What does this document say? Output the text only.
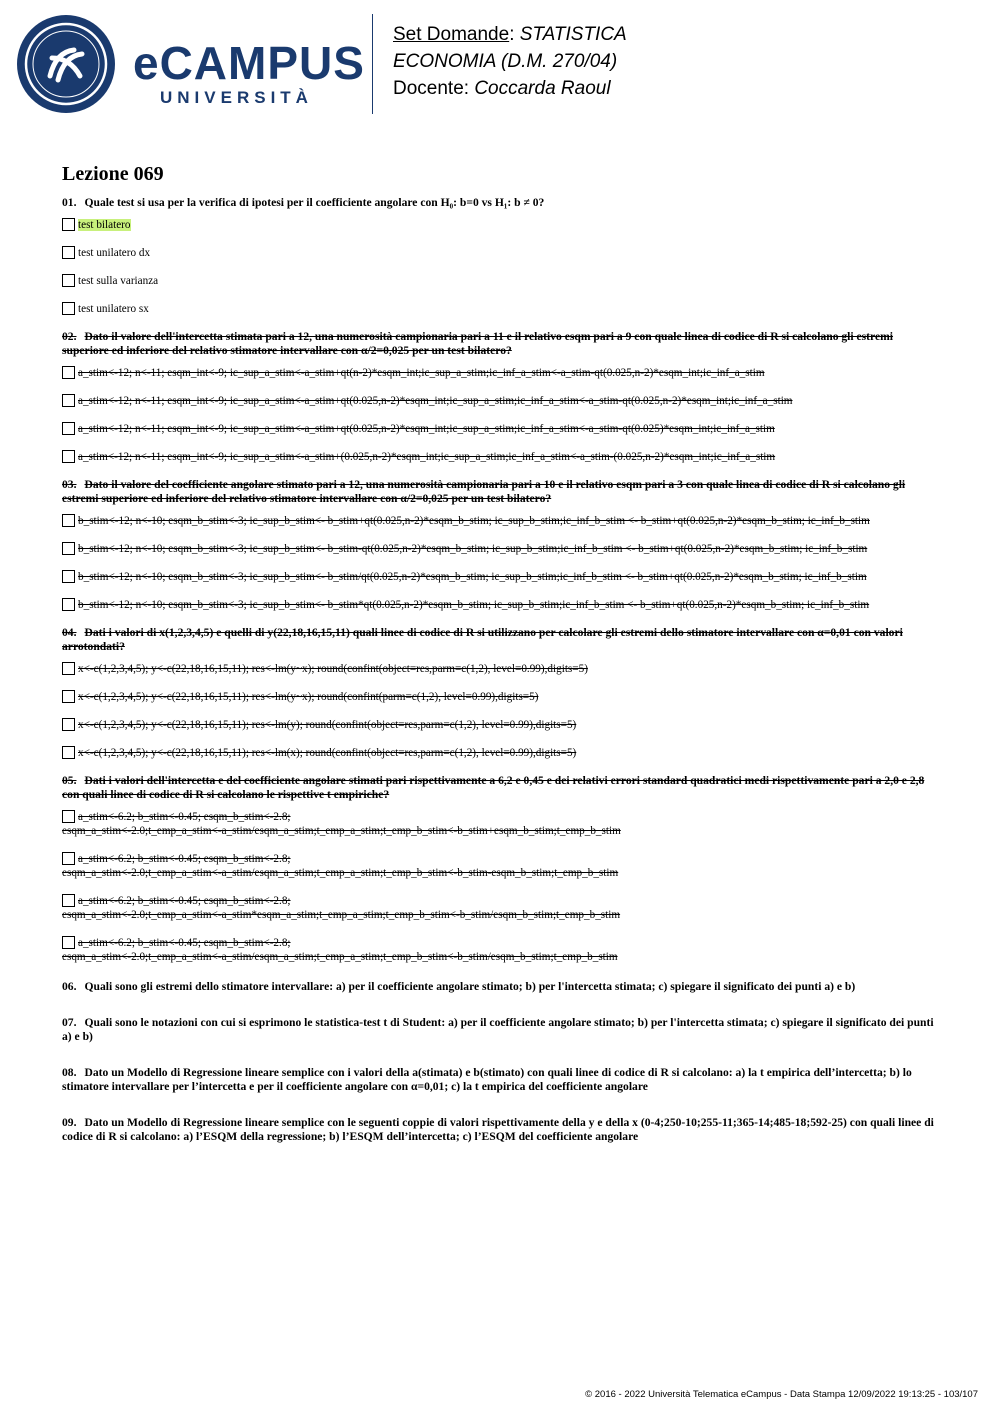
eCAMPUS
UNIVERSITÀ
Set Domande: STATISTICA
ECONOMIA (D.M. 270/04)
Docente: Coccarda Raoul
Lezione 069
01. Quale test si usa per la verifica di ipotesi per il coefficiente angolare con H₀: b=0 vs H₁: b ≠ 0?
test bilatero
test unilatero dx
test sulla varianza
test unilatero sx
02. Dato il valore dell'intercetta stimata pari a 12, una numerosità campionaria pari a 11 e il relativo esqm pari a 9 con quale linea di codice di R si calcolano gli estremi superiore ed inferiore del relativo stimatore intervallare con α/2=0,025 per un test bilatero?
a_stim<-12; n<-11; esqm_int<-9; ic_sup_a_stim<-a_stim+qt(n-2)*esqm_int;ic_sup_a_stim;ic_inf_a_stim<-a_stim-qt(0.025,n-2)*esqm_int;ic_inf_a_stim
a_stim<-12; n<-11; esqm_int<-9; ic_sup_a_stim<-a_stim+qt(0.025,n-2)*esqm_int;ic_sup_a_stim;ic_inf_a_stim<-a_stim-qt(0.025,n-2)*esqm_int;ic_inf_a_stim
a_stim<-12; n<-11; esqm_int<-9; ic_sup_a_stim<-a_stim+qt(0.025,n-2)*esqm_int;ic_sup_a_stim;ic_inf_a_stim<-a_stim-qt(0.025)*esqm_int;ic_inf_a_stim
a_stim<-12; n<-11; esqm_int<-9; ic_sup_a_stim<-a_stim+(0.025,n-2)*esqm_int;ic_sup_a_stim;ic_inf_a_stim<-a_stim-(0.025,n-2)*esqm_int;ic_inf_a_stim
03. Dato il valore del coefficiente angolare stimato pari a 12, una numerosità campionaria pari a 10 e il relativo esqm pari a 3 con quale linea di codice di R si calcolano gli estremi superiore ed inferiore del relativo stimatore intervallare con α/2=0,025 per un test bilatero?
b_stim<-12; n<-10; esqm_b_stim<-3; ic_sup_b_stim<- b_stim+qt(0.025,n-2)*esqm_b_stim; ic_sup_b_stim;ic_inf_b_stim <- b_stim+qt(0.025,n-2)*esqm_b_stim; ic_inf_b_stim
b_stim<-12; n<-10; esqm_b_stim<-3; ic_sup_b_stim<- b_stim-qt(0.025,n-2)*esqm_b_stim; ic_sup_b_stim;ic_inf_b_stim <- b_stim+qt(0.025,n-2)*esqm_b_stim; ic_inf_b_stim
b_stim<-12; n<-10; esqm_b_stim<-3; ic_sup_b_stim<- b_stim/qt(0.025,n-2)*esqm_b_stim; ic_sup_b_stim;ic_inf_b_stim <- b_stim+qt(0.025,n-2)*esqm_b_stim; ic_inf_b_stim
b_stim<-12; n<-10; esqm_b_stim<-3; ic_sup_b_stim<- b_stim*qt(0.025,n-2)*esqm_b_stim; ic_sup_b_stim;ic_inf_b_stim <- b_stim+qt(0.025,n-2)*esqm_b_stim; ic_inf_b_stim
04. Dati i valori di x(1,2,3,4,5) e quelli di y(22,18,16,15,11) quali linee di codice di R si utilizzano per calcolare gli estremi dello stimatore intervallare con α=0,01 con valori arrotondati?
x<-c(1,2,3,4,5); y<-c(22,18,16,15,11); res<-lm(y~x); round(confint(object=res,parm=c(1,2), level=0.99),digits=5)
x<-c(1,2,3,4,5); y<-c(22,18,16,15,11); res<-lm(y~x); round(confint(parm=c(1,2), level=0.99),digits=5)
x<-c(1,2,3,4,5); y<-c(22,18,16,15,11); res<-lm(y); round(confint(object=res,parm=c(1,2), level=0.99),digits=5)
x<-c(1,2,3,4,5); y<-c(22,18,16,15,11); res<-lm(x); round(confint(object=res,parm=c(1,2), level=0.99),digits=5)
05. Dati i valori dell'intercetta e del coefficiente angolare stimati pari rispettivamente a 6,2 e 0,45 e dei relativi errori standard quadratici medi rispettivamente pari a 2,0 e 2,8 con quali linee di codice di R si calcolano le rispettive t empiriche?
a_stim<-6.2; b_stim<-0.45; esqm_b_stim<-2.8;
esqm_a_stim<-2.0;t_emp_a_stim<-a_stim/esqm_a_stim;t_emp_a_stim;t_emp_b_stim<-b_stim+esqm_b_stim;t_emp_b_stim
a_stim<-6.2; b_stim<-0.45; esqm_b_stim<-2.8;
esqm_a_stim<-2.0;t_emp_a_stim<-a_stim/esqm_a_stim;t_emp_a_stim;t_emp_b_stim<-b_stim-esqm_b_stim;t_emp_b_stim
a_stim<-6.2; b_stim<-0.45; esqm_b_stim<-2.8;
esqm_a_stim<-2.0;t_emp_a_stim<-a_stim*esqm_a_stim;t_emp_a_stim;t_emp_b_stim<-b_stim/esqm_b_stim;t_emp_b_stim
a_stim<-6.2; b_stim<-0.45; esqm_b_stim<-2.8;
esqm_a_stim<-2.0;t_emp_a_stim<-a_stim/esqm_a_stim;t_emp_a_stim;t_emp_b_stim<-b_stim/esqm_b_stim;t_emp_b_stim
06. Quali sono gli estremi dello stimatore intervallare: a) per il coefficiente angolare stimato; b) per l'intercetta stimata; c) spiegare il significato dei punti a) e b)
07. Quali sono le notazioni con cui si esprimono le statistica-test t di Student: a) per il coefficiente angolare stimato; b) per l'intercetta stimata; c) spiegare il significato dei punti a) e b)
08. Dato un Modello di Regressione lineare semplice con i valori della a(stimata) e b(stimato) con quali linee di codice di R si calcolano: a) la t empirica dell’intercetta; b) lo stimatore intervallare per l’intercetta e per il coefficiente angolare con α=0,01; c) la t empirica del coefficiente angolare
09. Dato un Modello di Regressione lineare semplice con le seguenti coppie di valori rispettivamente della y e della x (0-4;250-10;255-11;365-14;485-18;592-25) con quali linee di codice di R si calcolano: a) l’ESQM della regressione; b) l’ESQM dell’intercetta; c) l’ESQM del coefficiente angolare
© 2016 - 2022 Università Telematica eCampus - Data Stampa 12/09/2022 19:13:25 - 103/107
